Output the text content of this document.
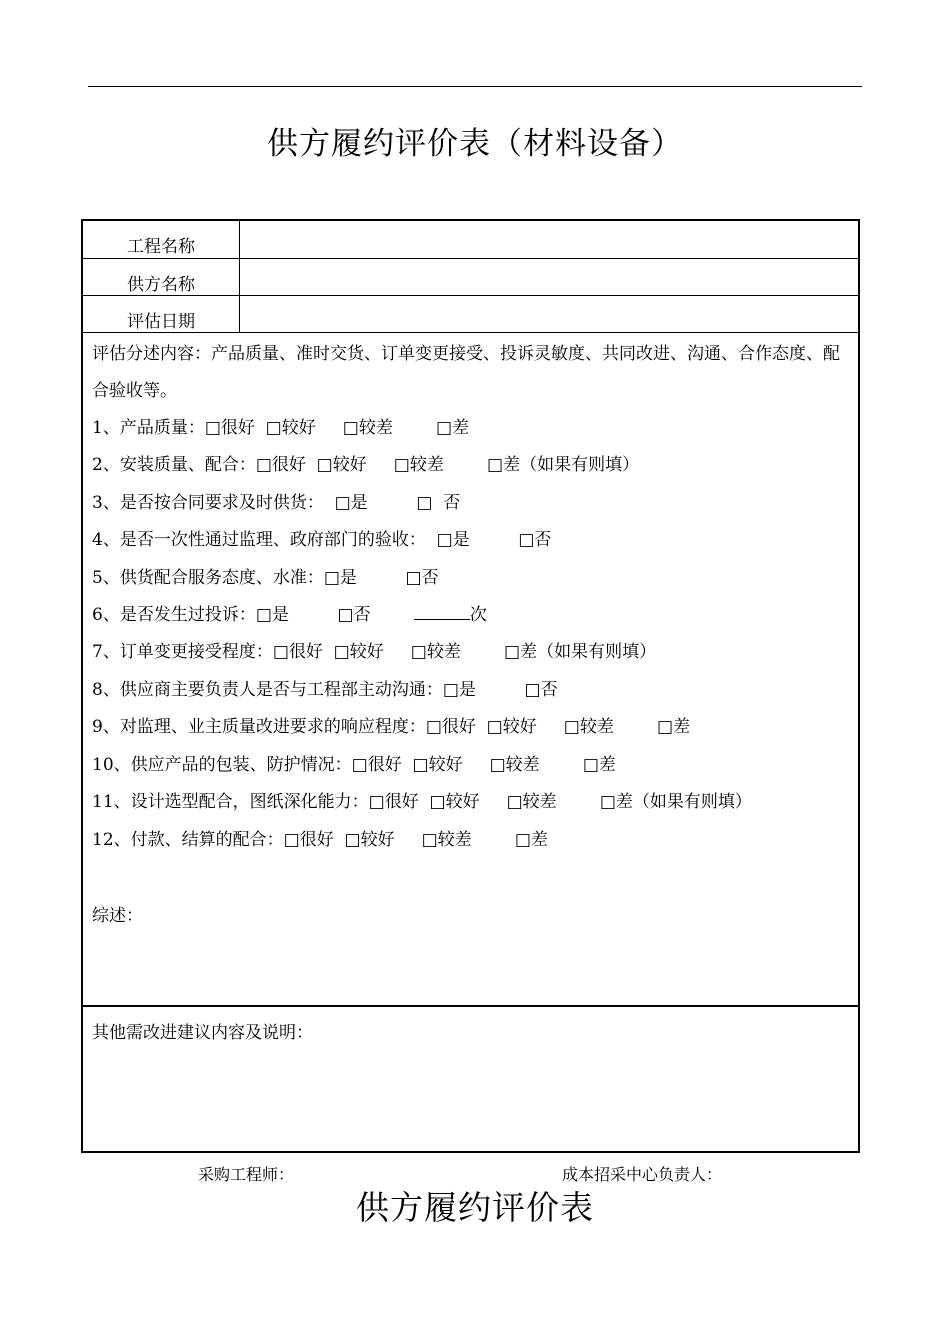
供方履约评价表（材料设备）
工程名称
供方名称
评估日期
评估分述内容：产品质量、准时交货、订单变更接受、投诉灵敏度、共同改进、沟通、合作态度、配合验收等。
1、产品质量：□很好  □较好     □较差        □差
2、安装质量、配合：□很好  □较好     □较差        □差（如果有则填）
3、是否按合同要求及时供货：  □是         □  否
4、是否一次性通过监理、政府部门的验收：  □是         □否
5、供货配合服务态度、水准：□是         □否
6、是否发生过投诉：□是         □否	次
7、订单变更接受程度：□很好  □较好     □较差        □差（如果有则填）
8、供应商主要负责人是否与工程部主动沟通：□是         □否
9、对监理、业主质量改进要求的响应程度：□很好  □较好     □较差        □差
10、供应产品的包装、防护情况：□很好  □较好     □较差        □差
11、设计选型配合，图纸深化能力：□很好  □较好     □较差        □差（如果有则填）
12、付款、结算的配合：□很好  □较好     □较差        □差
综述：
其他需改进建议内容及说明：
采购工程师：	成本招采中心负责人：
供方履约评价表
